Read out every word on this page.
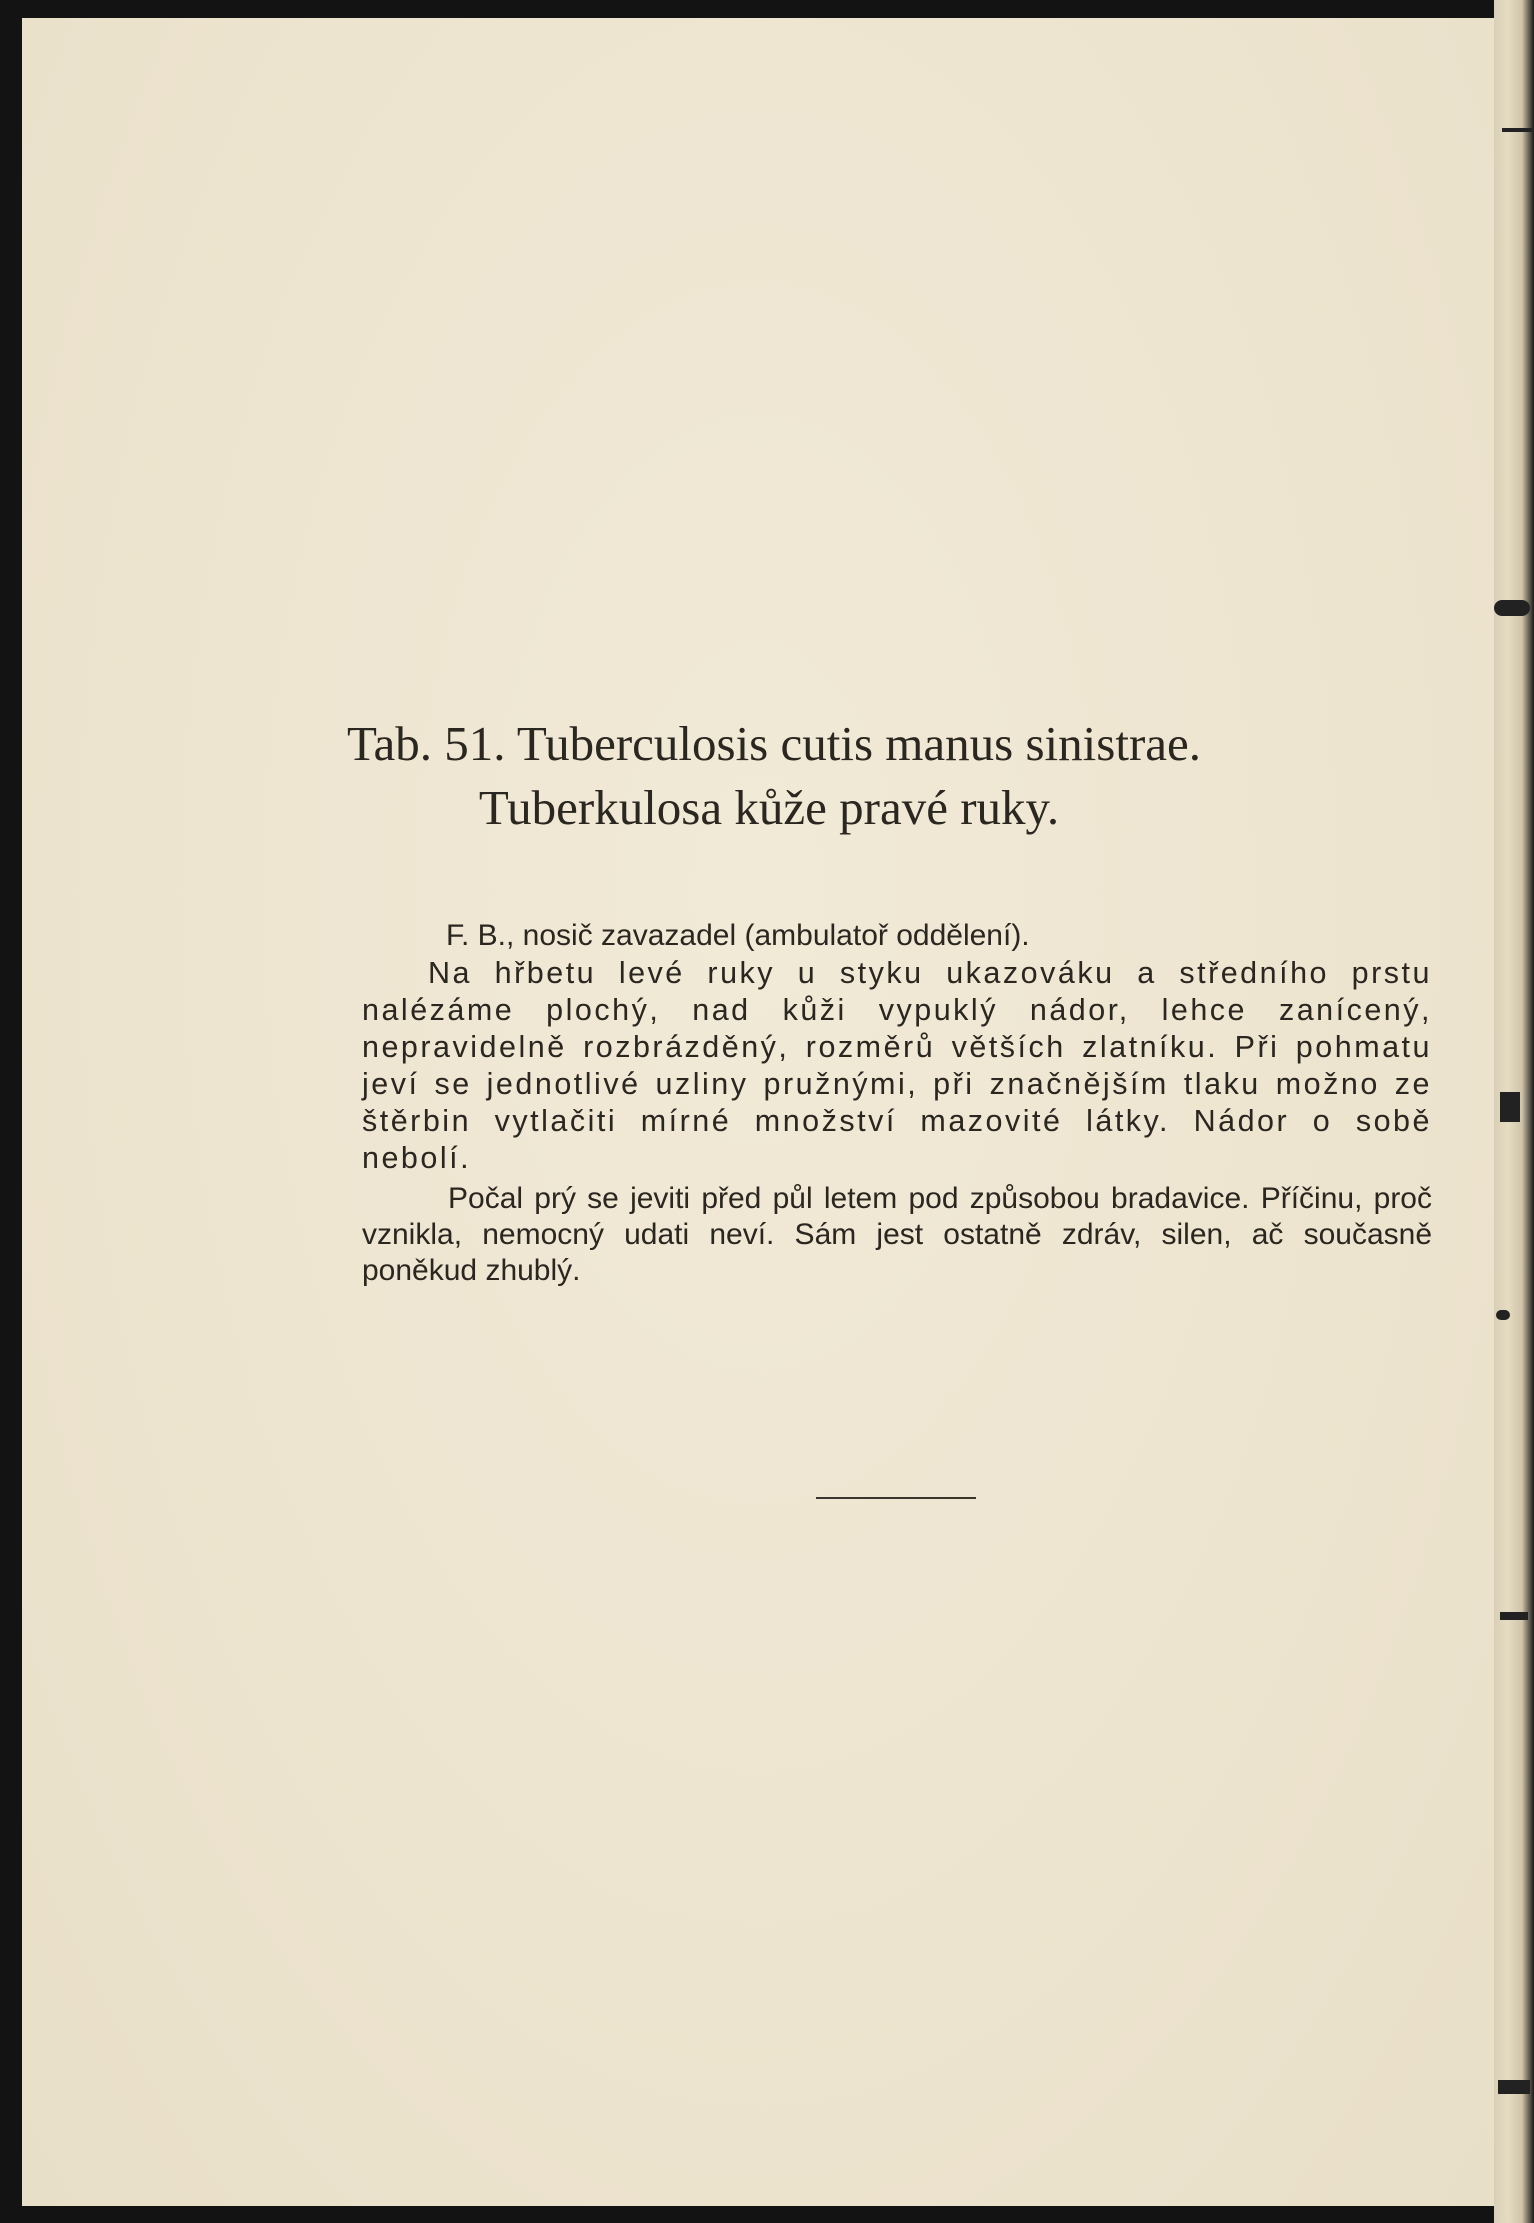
Tab. 51. Tuberculosis cutis manus sinistrae.
Tuberkulosa kůže pravé ruky.

F. B., nosič zavazadel (ambulatoř oddělení).

Na hřbetu levé ruky u styku ukazováku a středního prstu nalézáme plochý, nad kůži vypuklý nádor, lehce zanícený, nepravidelně rozbrázděný, rozměrů větších zlatníku. Při pohmatu jeví se jednotlivé uzliny pružnými, při značnějším tlaku možno ze štěrbin vytlačiti mírné množství mazovité látky. Nádor o sobě nebolí.

Počal prý se jeviti před půl letem pod způsobou bradavice. Příčinu, proč vznikla, nemocný udati neví. Sám jest ostatně zdráv, silen, ač současně poněkud zhublý.
